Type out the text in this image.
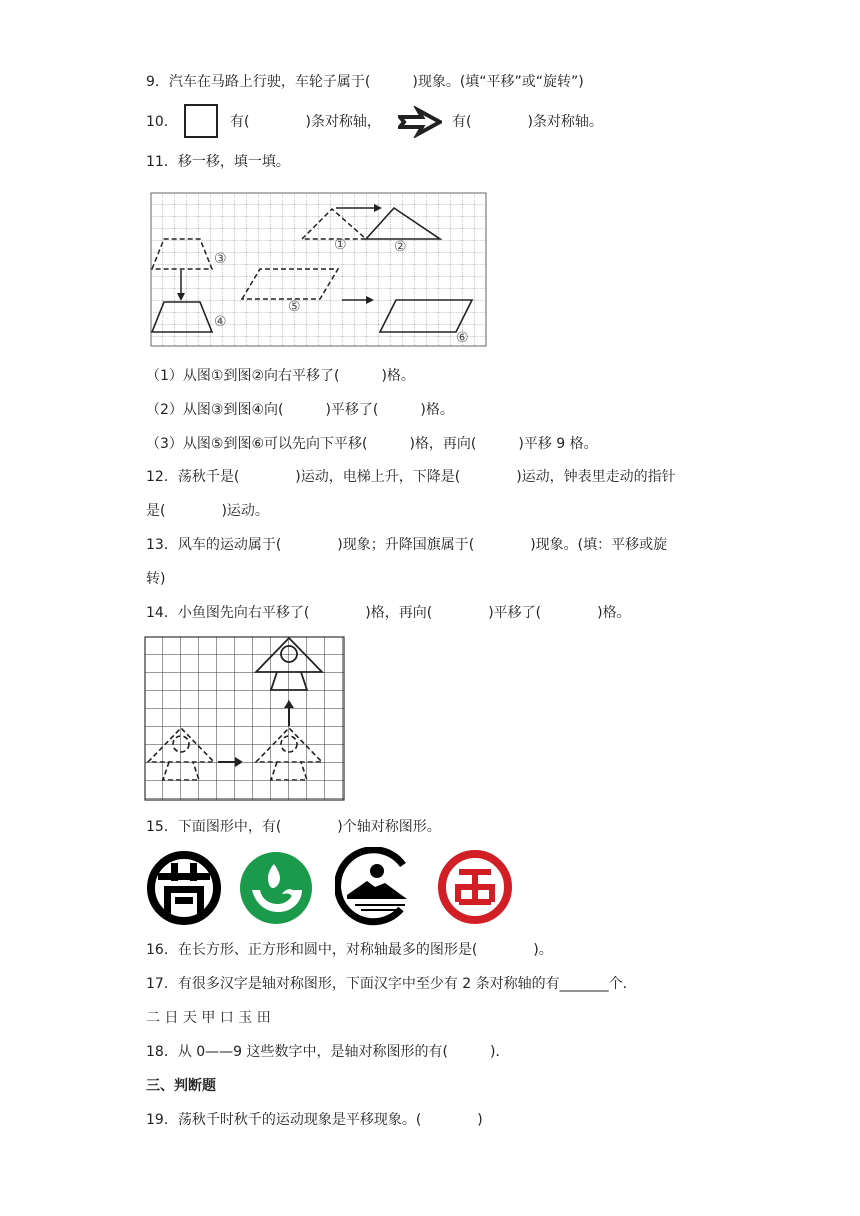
9．汽车在马路上行驶，车轮子属于(　　　)现象。(填“平移”或“旋转”)
10．	有(　　　　)条对称轴，	有(　　　　)条对称轴。
11．移一移，填一填。
①	②
③
④
⑤
⑥
（1）从图①到图②向右平移了(　　　)格。
（2）从图③到图④向(　　　)平移了(　　　)格。
（3）从图⑤到图⑥可以先向下平移(　　　)格，再向(　　　)平移 9 格。
12．荡秋千是(　　　　)运动，电梯上升，下降是(　　　　)运动，钟表里走动的指针
是(　　　　)运动。
13．风车的运动属于(　　　　)现象；升降国旗属于(　　　　)现象。(填：平移或旋
转)
14．小鱼图先向右平移了(　　　　)格，再向(　　　　)平移了(　　　　)格。
15．下面图形中，有(　　　　)个轴对称图形。
16．在长方形、正方形和圆中，对称轴最多的图形是(　　　　)。
17．有很多汉字是轴对称图形，下面汉字中至少有 2 条对称轴的有_______个．
二 日 天 甲 口 玉 田
18．从 0——9 这些数字中，是轴对称图形的有(　　　)．
三、判断题
19．荡秋千时秋千的运动现象是平移现象。(　　　　)
